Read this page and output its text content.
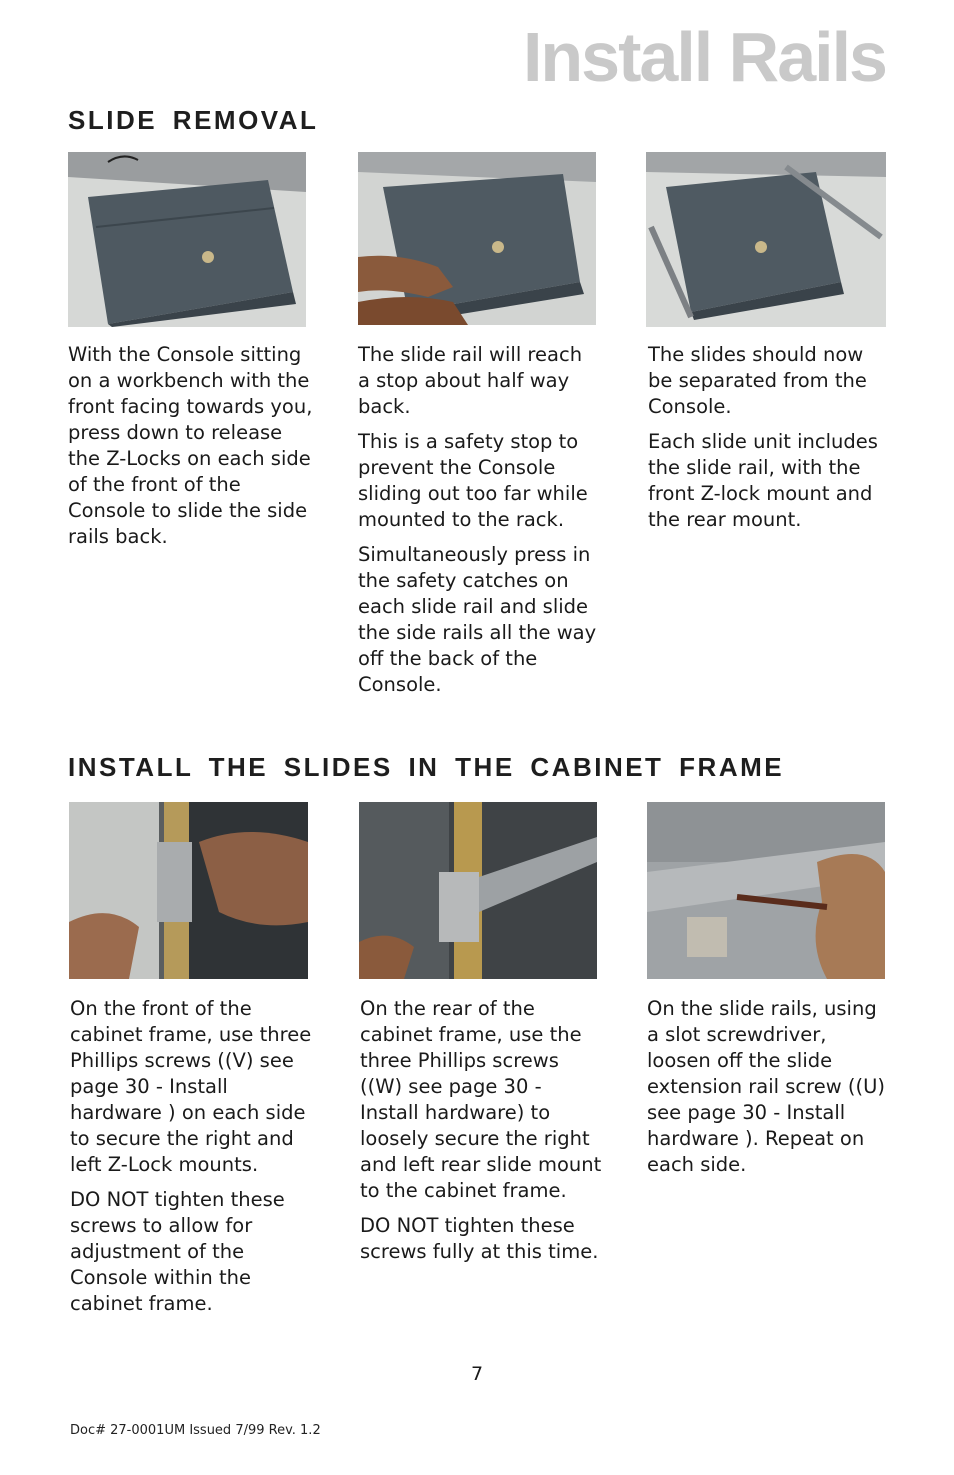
Install Rails
SLIDE REMOVAL

With the Console sitting on a workbench with the front facing towards you, press down to release the Z-Locks on each side of the front of the Console to slide the side rails back.

The slide rail will reach a stop about half way back.

This is a safety stop to prevent the Console sliding out too far while mounted to the rack.

Simultaneously press in the safety catches on each slide rail and slide the side rails all the way off the back of the Console.

The slides should now be separated from the Console.

Each slide unit includes the slide rail, with the front Z-lock mount and the rear mount.

INSTALL THE SLIDES IN THE CABINET FRAME

On the front of the cabinet frame, use three Phillips screws ((V) see page 30 - Install hardware ) on each side to secure the right and left Z-Lock mounts.

DO NOT tighten these screws to allow for adjustment of the Console within the cabinet frame.

On the rear of the cabinet frame, use the three Phillips screws ((W) see page 30 - Install hardware) to loosely secure the right and left rear slide mount to the cabinet frame.

DO NOT tighten these screws fully at this time.

On the slide rails, using a slot screwdriver, loosen off the slide extension rail screw ((U) see page 30 - Install hardware ). Repeat on each side.

7
Doc# 27-0001UM Issued 7/99 Rev. 1.2
